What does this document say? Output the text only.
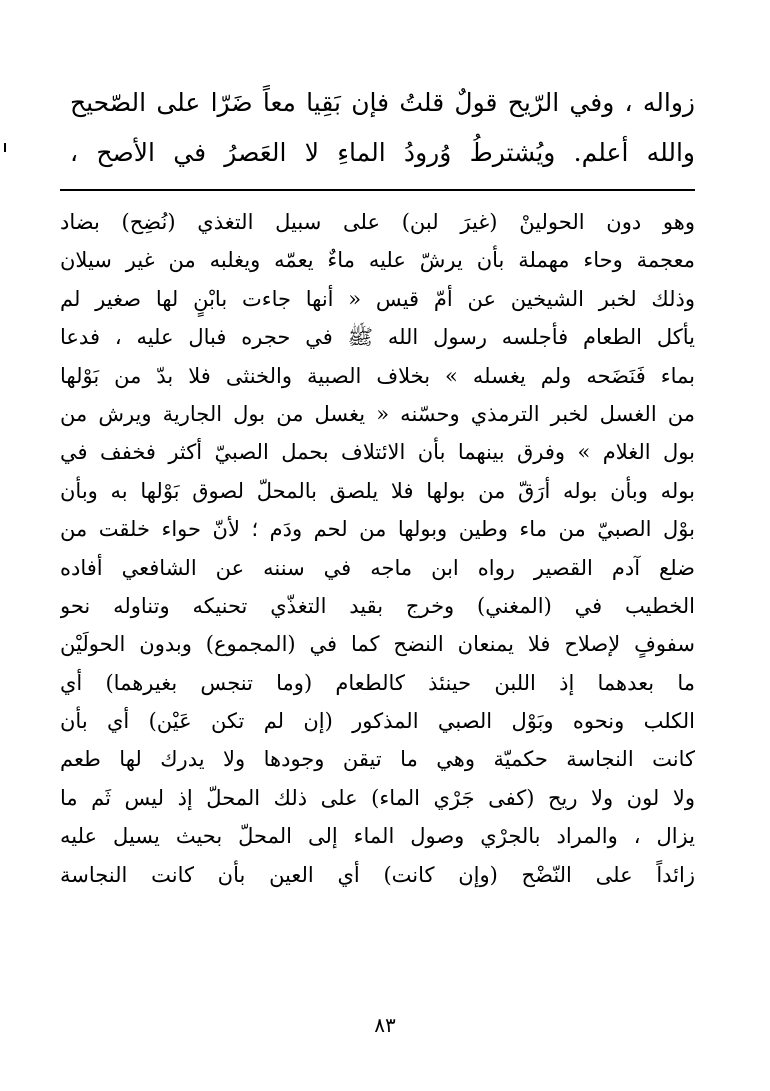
زواله ، وفي الرّيح قولٌ قلتُ فإن بَقِيا معاً ضَرّا على الصّحيح
والله أعلم. ويُشترطُ وُرودُ الماءِ لا العَصرُ في الأصح ،
وهو دون الحولينْ (غيرَ لبن) على سبيل التغذي (نُضِح) بضاد
معجمة وحاء مهملة بأن يرشّ عليه ماءٌ يعمّه ويغلبه من غير سيلان
وذلك لخبر الشيخين عن أمّ قيس « أنها جاءت بابْنٍ لها صغير لم
يأكل الطعام فأجلسه رسول الله ﷺ في حجره فبال عليه ، فدعا
بماء فَنَضَحه ولم يغسله » بخلاف الصبية والخنثى فلا بدّ من بَوْلها
من الغسل لخبر الترمذي وحسّنه « يغسل من بول الجارية ويرش من
بول الغلام » وفرق بينهما بأن الائتلاف بحمل الصبيّ أكثر فخفف في
بوله وبأن بوله أرَقّ من بولها فلا يلصق بالمحلّ لصوق بَوْلها به وبأن
بوْل الصبيّ من ماء وطين وبولها من لحم ودَم ؛ لأنّ حواء خلقت من
ضلع آدم القصير رواه ابن ماجه في سننه عن الشافعي أفاده
الخطيب في (المغني) وخرج بقيد التغذّي تحنيكه وتناوله نحو
سفوفٍ لإصلاح فلا يمنعان النضح كما في (المجموع) وبدون الحولَيْن
ما بعدهما إذ اللبن حينئذ كالطعام (وما تنجس بغيرهما) أي
الكلب ونحوه وبَوْل الصبي المذكور (إن لم تكن عَيْن) أي بأن
كانت النجاسة حكميّة وهي ما تيقن وجودها ولا يدرك لها طعم
ولا لون ولا ريح (كفى جَرْي الماء) على ذلك المحلّ إذ ليس ثَم ما
يزال ، والمراد بالجرْي وصول الماء إلى المحلّ بحيث يسيل عليه
زائداً على النّضْح (وإن كانت) أي العين بأن كانت النجاسة
٨٣
